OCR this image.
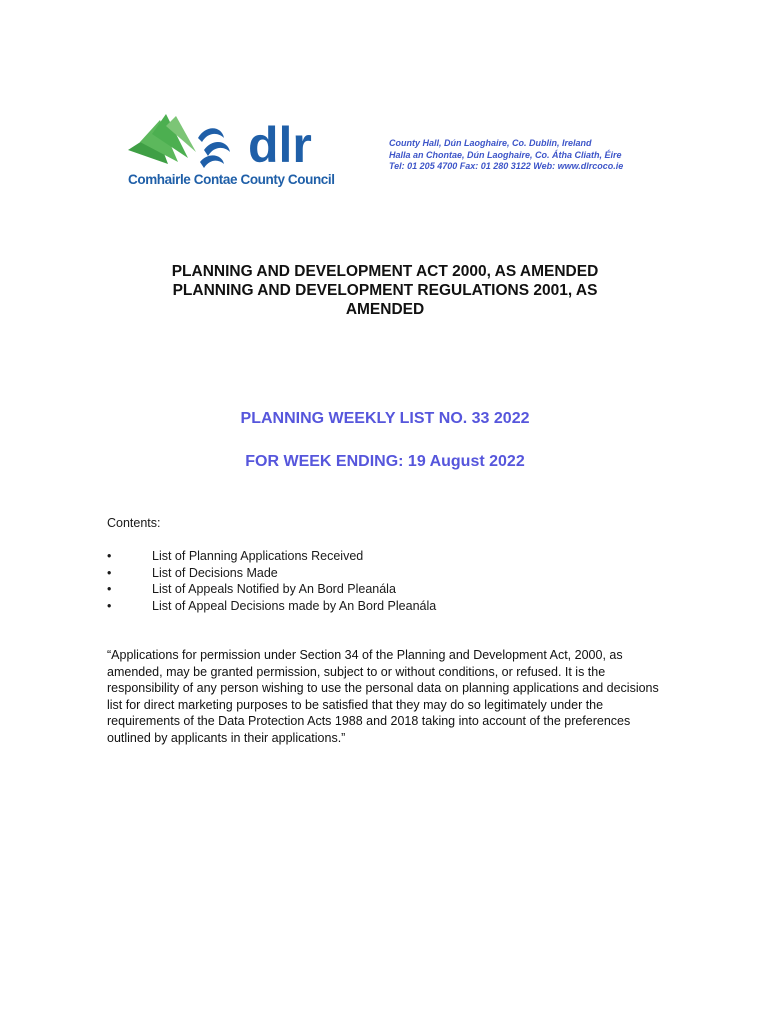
dlr
Comhairle Contae County Council
County Hall, Dún Laoghaire, Co. Dublin, Ireland
Halla an Chontae, Dún Laoghaire, Co. Átha Cliath, Éire
Tel: 01 205 4700 Fax: 01 280 3122 Web: www.dlrcoco.ie
PLANNING AND DEVELOPMENT ACT 2000, AS AMENDED
PLANNING AND DEVELOPMENT REGULATIONS 2001, AS
AMENDED
PLANNING WEEKLY LIST NO. 33 2022
FOR WEEK ENDING: 19 August 2022
Contents:
•	List of Planning Applications Received
•	List of Decisions Made
•	List of Appeals Notified by An Bord Pleanála
•	List of Appeal Decisions made by An Bord Pleanála
“Applications for permission under Section 34 of the Planning and Development Act, 2000, as amended, may be granted permission, subject to or without conditions, or refused. It is the responsibility of any person wishing to use the personal data on planning applications and decisions list for direct marketing purposes to be satisfied that they may do so legitimately under the requirements of the Data Protection Acts 1988 and 2018 taking into account of the preferences outlined by applicants in their applications.”
